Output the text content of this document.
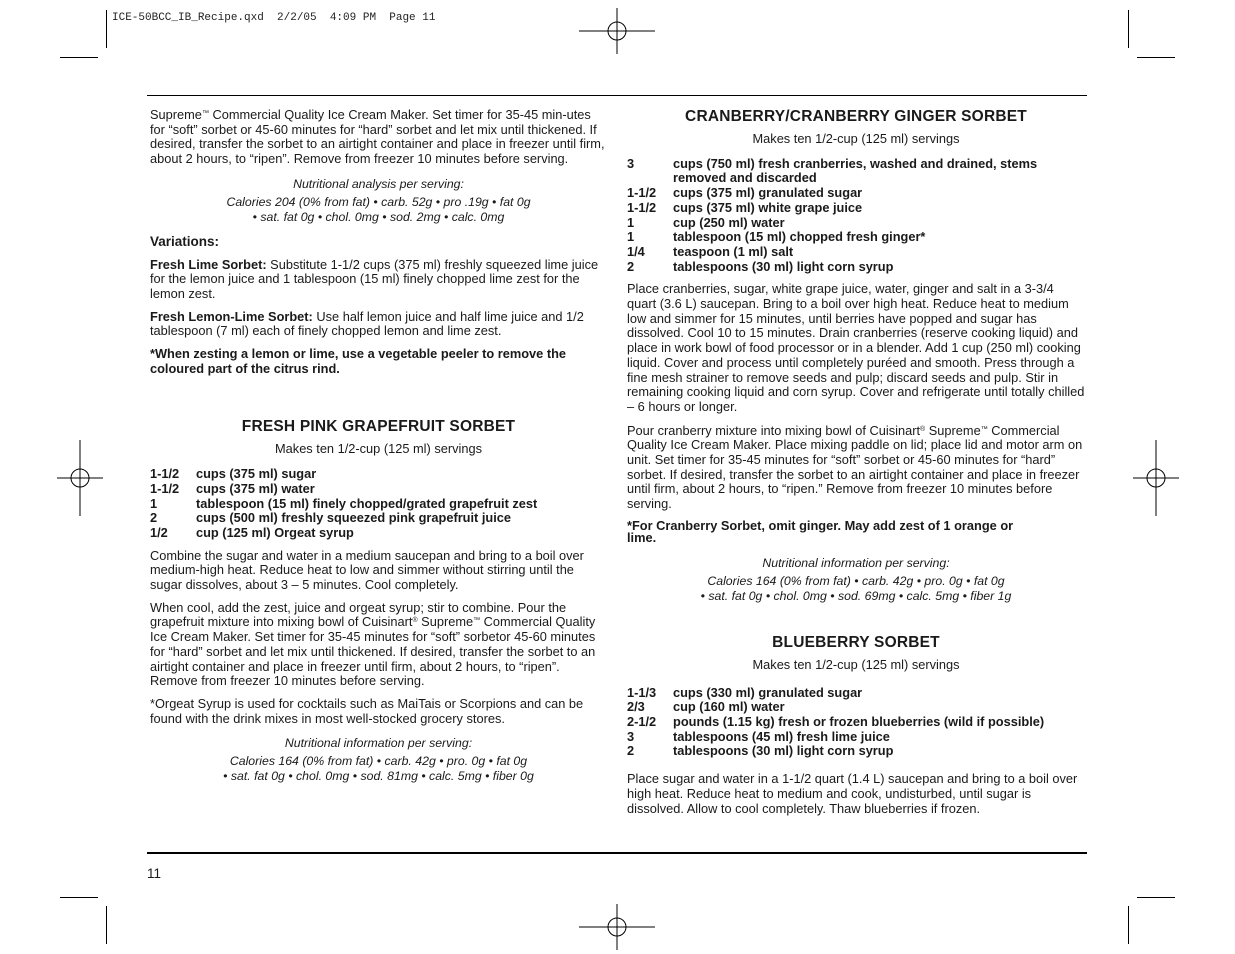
ICE-50BCC_IB_Recipe.qxd  2/2/05  4:09 PM  Page 11

Supreme™ Commercial Quality Ice Cream Maker. Set timer for 35-45 min-utes for “soft” sorbet or 45-60 minutes for “hard” sorbet and let mix until thickened. If desired, transfer the sorbet to an airtight container and place in freezer until firm, about 2 hours, to “ripen”. Remove from freezer 10 minutes before serving.

Nutritional analysis per serving:
Calories 204 (0% from fat) • carb. 52g • pro .19g • fat 0g
• sat. fat 0g • chol. 0mg • sod. 2mg • calc. 0mg
Variations:

Fresh Lime Sorbet: Substitute 1-1/2 cups (375 ml) freshly squeezed lime juice for the lemon juice and 1 tablespoon (15 ml) finely chopped lime zest for the lemon zest.

Fresh Lemon-Lime Sorbet: Use half lemon juice and half lime juice and 1/2 tablespoon (7 ml) each of finely chopped lemon and lime zest.

*When zesting a lemon or lime, use a vegetable peeler to remove the coloured part of the citrus rind.

FRESH PINK GRAPEFRUIT SORBET
Makes ten 1/2-cup (125 ml) servings
1-1/2	cups (375 ml) sugar
1-1/2	cups (375 ml) water
1	tablespoon (15 ml) finely chopped/grated grapefruit zest
2	cups (500 ml) freshly squeezed pink grapefruit juice
1/2	cup (125 ml) Orgeat syrup

Combine the sugar and water in a medium saucepan and bring to a boil over medium-high heat. Reduce heat to low and simmer without stirring until the sugar dissolves, about 3 – 5 minutes. Cool completely.

When cool, add the zest, juice and orgeat syrup; stir to combine. Pour the grapefruit mixture into mixing bowl of Cuisinart® Supreme™ Commercial Quality Ice Cream Maker. Set timer for 35-45 minutes for “soft” sorbetor 45-60 minutes for “hard” sorbet and let mix until thickened. If desired, transfer the sorbet to an airtight container and place in freezer until firm, about 2 hours, to “ripen”. Remove from freezer 10 minutes before serving.

*Orgeat Syrup is used for cocktails such as MaiTais or Scorpions and can be found with the drink mixes in most well-stocked grocery stores.

Nutritional information per serving:
Calories 164 (0% from fat) • carb. 42g • pro. 0g • fat 0g
• sat. fat 0g • chol. 0mg • sod. 81mg • calc. 5mg • fiber 0g
CRANBERRY/CRANBERRY GINGER SORBET
Makes ten 1/2-cup (125 ml) servings
3	cups (750 ml) fresh cranberries, washed and drained, stems removed and discarded
1-1/2	cups (375 ml) granulated sugar
1-1/2	cups (375 ml) white grape juice
1	cup (250 ml) water
1	tablespoon (15 ml) chopped fresh ginger*
1/4	teaspoon (1 ml) salt
2	tablespoons (30 ml) light corn syrup

Place cranberries, sugar, white grape juice, water, ginger and salt in a 3-3/4 quart (3.6 L) saucepan. Bring to a boil over high heat. Reduce heat to medium low and simmer for 15 minutes, until berries have popped and sugar has dissolved. Cool 10 to 15 minutes. Drain cranberries (reserve cooking liquid) and place in work bowl of food processor or in a blender. Add 1 cup (250 ml) cooking liquid. Cover and process until completely puréed and smooth. Press through a fine mesh strainer to remove seeds and pulp; discard seeds and pulp. Stir in remaining cooking liquid and corn syrup. Cover and refrigerate until totally chilled – 6 hours or longer.

Pour cranberry mixture into mixing bowl of Cuisinart® Supreme™ Commercial Quality Ice Cream Maker. Place mixing paddle on lid; place lid and motor arm on unit. Set timer for 35-45 minutes for “soft” sorbet or 45-60 minutes for “hard” sorbet. If desired, transfer the sorbet to an airtight container and place in freezer until firm, about 2 hours, to “ripen.” Remove from freezer 10 minutes before serving.

*For Cranberry Sorbet, omit ginger. May add zest of 1 orange or lime.

Nutritional information per serving:
Calories 164 (0% from fat) • carb. 42g • pro. 0g • fat 0g
• sat. fat 0g • chol. 0mg • sod. 69mg • calc. 5mg • fiber 1g
BLUEBERRY SORBET
Makes ten 1/2-cup (125 ml) servings
1-1/3	cups (330 ml) granulated sugar
2/3	cup (160 ml) water
2-1/2	pounds (1.15 kg) fresh or frozen blueberries (wild if possible)
3	tablespoons (45 ml) fresh lime juice
2	tablespoons (30 ml) light corn syrup

Place sugar and water in a 1-1/2 quart (1.4 L) saucepan and bring to a boil over high heat. Reduce heat to medium and cook, undisturbed, until sugar is dissolved. Allow to cool completely. Thaw blueberries if frozen.

11
